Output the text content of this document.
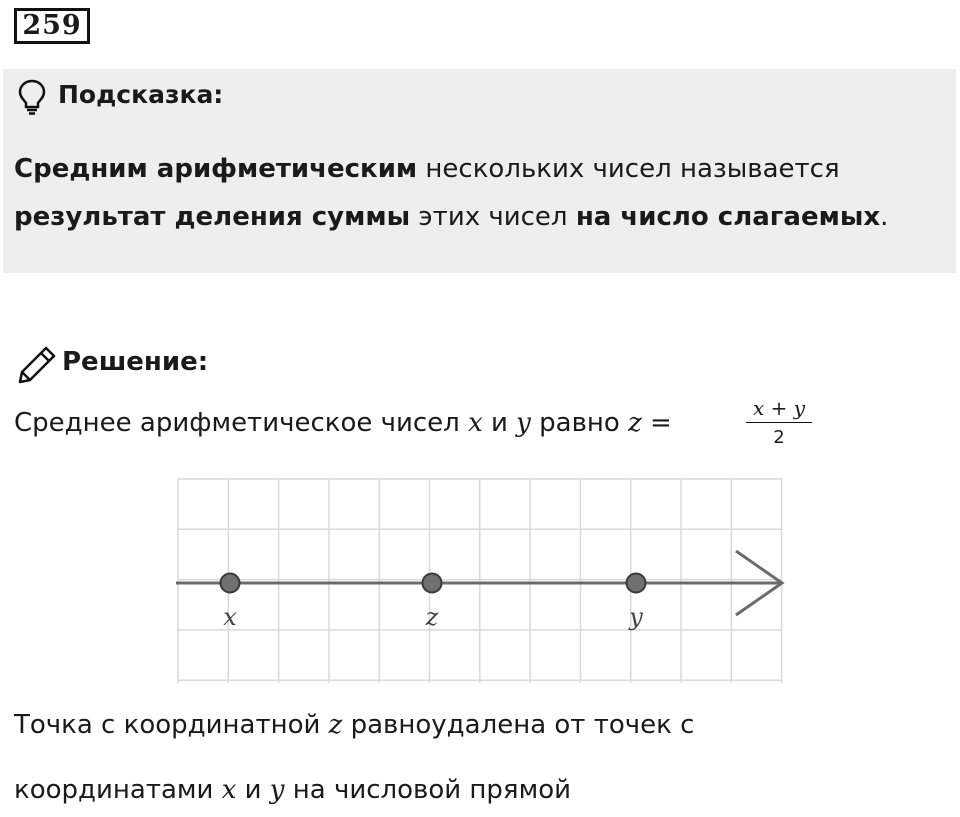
259
Подсказка:
Средним арифметическим нескольких чисел называется
результат деления суммы этих чисел на число слагаемых.
Решение:
Среднее арифметическое чисел x и y равно z =	$\frac{x + y}{2}$
x	z	y
Точка с координатной z равноудалена от точек с
координатами x и y на числовой прямой
